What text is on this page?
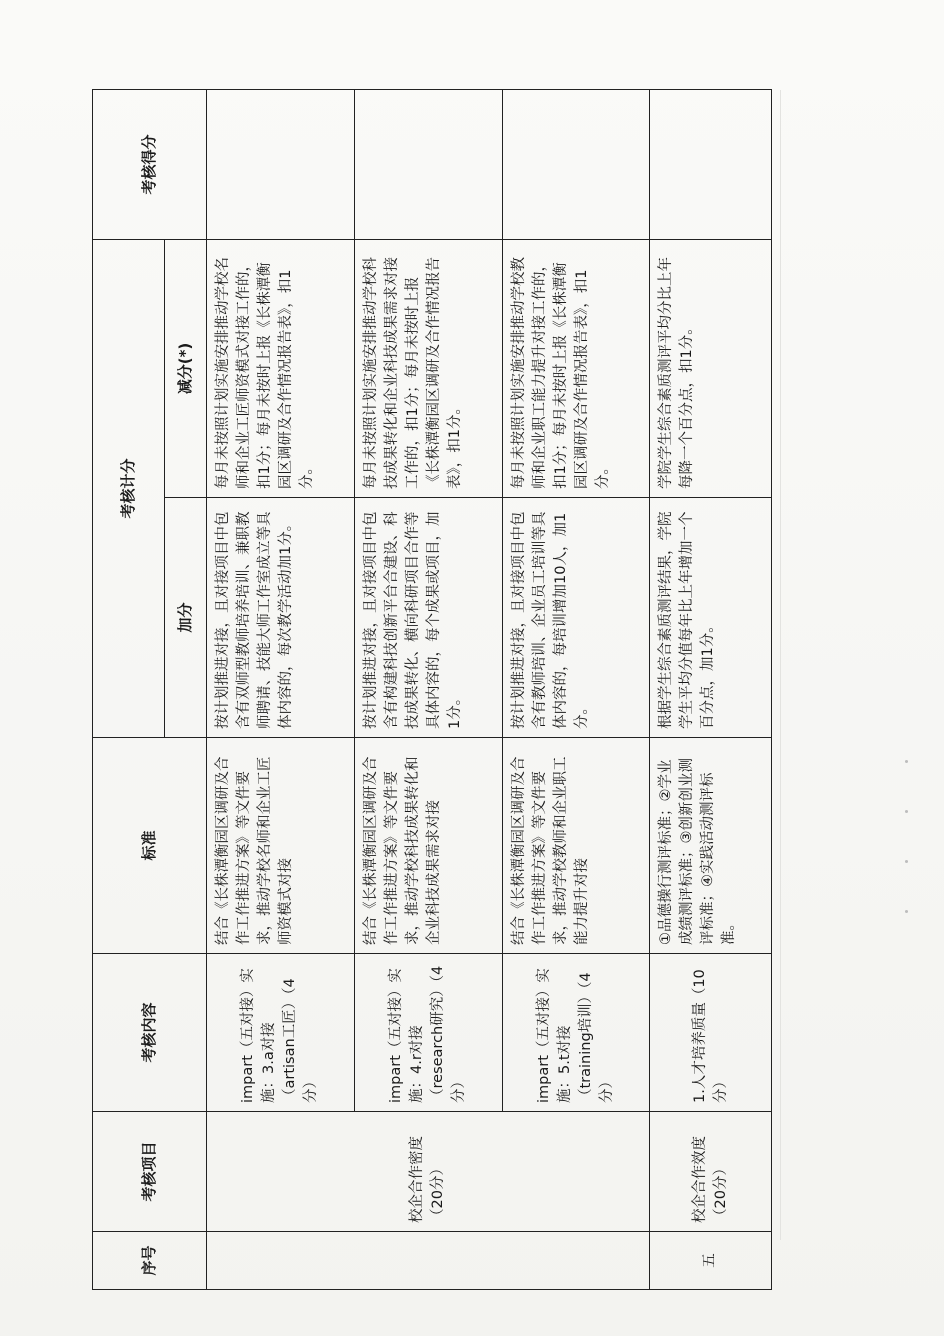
序号	考核项目	考核内容	标准	考核计分		考核得分
				加分	减分(*)	
	校企合作密度（20分）	impart（五对接）实施：3.a对接（artisan工匠）（4分）	结合《长株潭衡园区调研及合作工作推进方案》等文件要求，推动学校名师和企业工匠师资模式对接	按计划推进对接，且对接项目中包含有双师型教师培养培训、兼职教师聘请、技能大师工作室成立等具体内容的，每次教学活动加1分。	每月未按照计划实施安排推动学校名师和企业工匠师资模式对接工作的，扣1分；每月未按时上报《长株潭衡园区调研及合作情况报告表》，扣1分。	
		impart（五对接）实施：4.r对接（research研究）（4分）	结合《长株潭衡园区调研及合作工作推进方案》等文件要求，推动学校科技成果转化和企业科技成果需求对接	按计划推进对接，且对接项目中包含有构建科技创新平台合建设、科技成果转化、横向科研项目合作等具体内容的，每个成果或项目，加1分。	每月未按照计划实施安排推动学校科技成果转化和企业科技成果需求对接工作的，扣1分；每月未按时上报《长株潭衡园区调研及合作情况报告表》，扣1分。	
		impart（五对接）实施：5.t对接（training培训）（4分）	结合《长株潭衡园区调研及合作工作推进方案》等文件要求，推动学校教师和企业职工能力提升对接	按计划推进对接，且对接项目中包含有教师培训、企业员工培训等具体内容的，每培训增加10人，加1分。	每月未按照计划实施安排推动学校教师和企业职工能力提升对接工作的，扣1分；每月未按时上报《长株潭衡园区调研及合作情况报告表》，扣1分。	
五	校企合作效度（20分）	1.人才培养质量（10分）	①品德操行测评标准；②学业成绩测评标准；③创新创业测评标准；④实践活动测评标准。	根据学生综合素质测评结果，学院学生平均分值每年比上年增加一个百分点，加1分。	学院学生综合素质测评平均分比上年每降一个百分点，扣1分。	
